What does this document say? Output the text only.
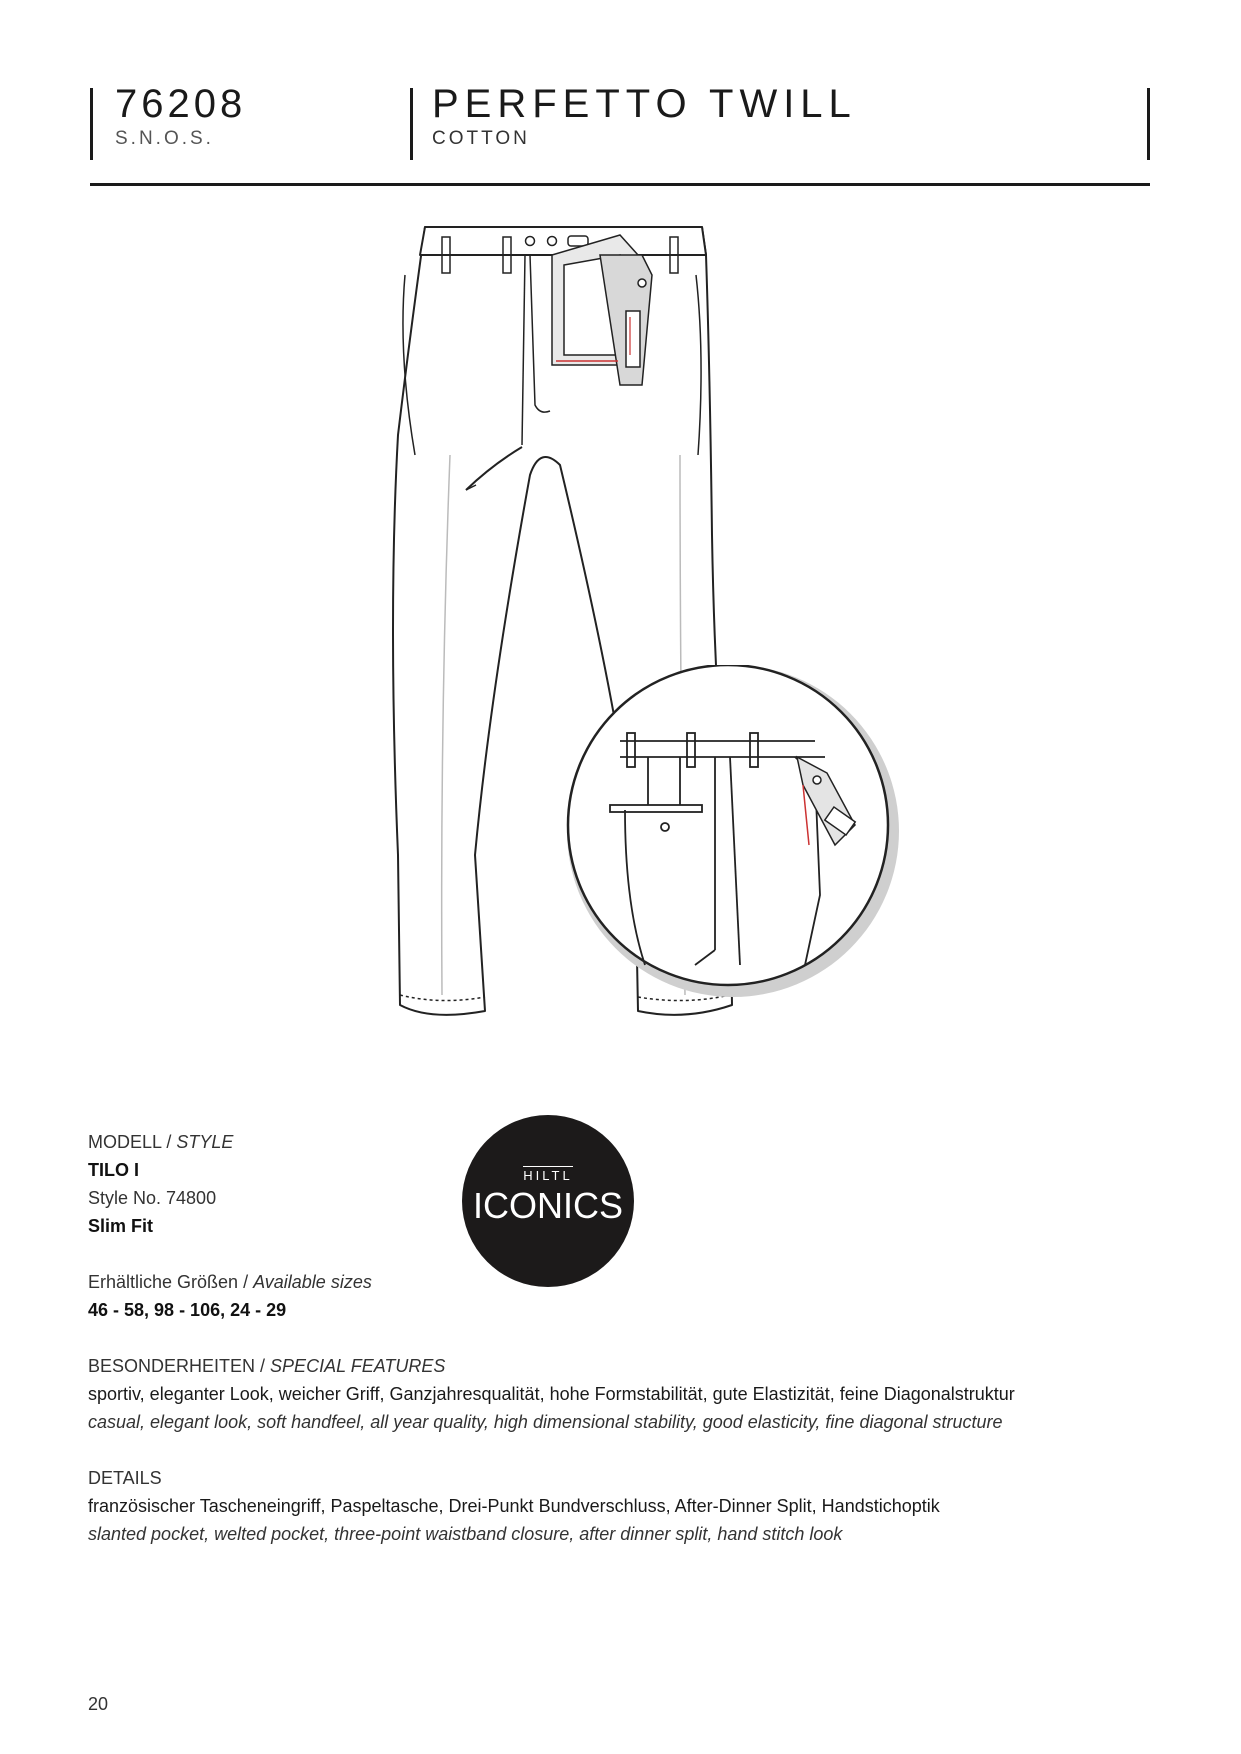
76208
S.N.O.S.
PERFETTO TWILL
COTTON
MODELL / STYLE
TILO I
Style No. 74800
Slim Fit
HILTL
ICONICS
Erhältliche Größen / Available sizes
46 - 58, 98 - 106, 24 - 29
BESONDERHEITEN / SPECIAL FEATURES
sportiv, eleganter Look, weicher Griff, Ganzjahresqualität, hohe Formstabilität, gute Elastizität, feine Diagonalstruktur
casual, elegant look, soft handfeel, all year quality, high dimensional stability, good elasticity, fine diagonal structure
DETAILS
französischer Tascheneingriff, Paspeltasche, Drei-Punkt Bundverschluss, After-Dinner Split, Handstichoptik
slanted pocket, welted pocket, three-point waistband closure, after dinner split, hand stitch look
20
